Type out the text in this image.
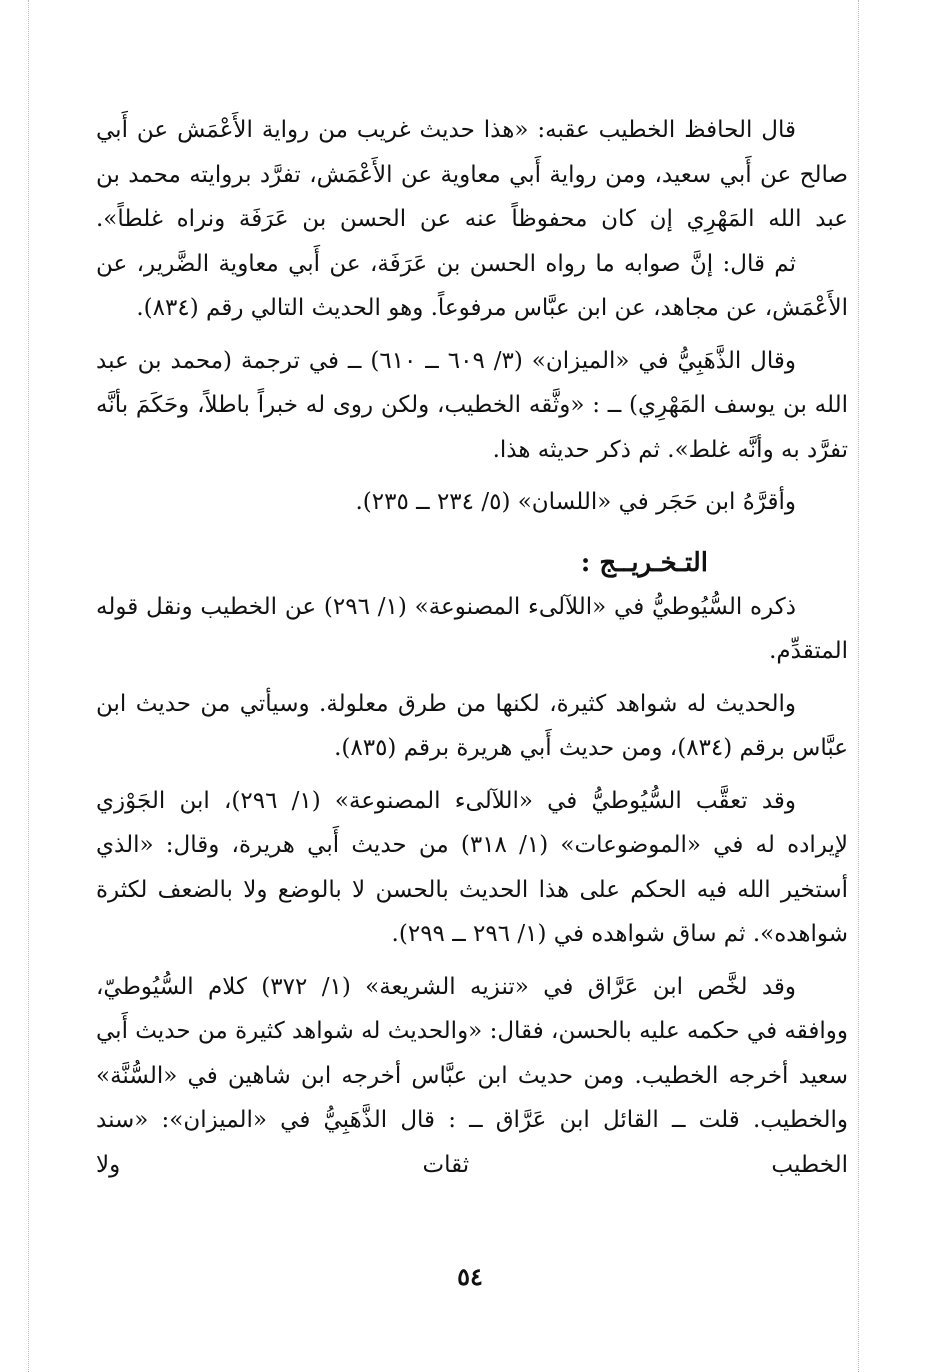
قال الحافظ الخطيب عقبه: «هذا حديث غريب من رواية الأَعْمَش عن أَبي صالح عن أَبي سعيد، ومن رواية أَبي معاوية عن الأَعْمَش، تفرَّد بروايته محمد بن عبد الله المَهْرِي إن كان محفوظاً عنه عن الحسن بن عَرَفَة ونراه غلطاً».

ثم قال: إنَّ صوابه ما رواه الحسن بن عَرَفَة، عن أَبي معاوية الضَّرير، عن الأَعْمَش، عن مجاهد، عن ابن عبَّاس مرفوعاً. وهو الحديث التالي رقم (٨٣٤).

وقال الذَّهَبِيُّ في «الميزان» (٣/ ٦٠٩ ــ ٦١٠) ــ في ترجمة (محمد بن عبد الله بن يوسف المَهْرِي) ــ : «وثَّقه الخطيب، ولكن روى له خبراً باطلاً، وحَكَمَ بأنَّه تفرَّد به وأنَّه غلط». ثم ذكر حديثه هذا.

وأقرَّهُ ابن حَجَر في «اللسان» (٥/ ٢٣٤ ــ ٢٣٥).

التـخـريــج :

ذكره السُّيُوطيُّ في «اللآلىء المصنوعة» (١/ ٢٩٦) عن الخطيب ونقل قوله المتقدِّم.

والحديث له شواهد كثيرة، لكنها من طرق معلولة. وسيأتي من حديث ابن عبَّاس برقم (٨٣٤)، ومن حديث أَبي هريرة برقم (٨٣٥).

وقد تعقَّب السُّيُوطيُّ في «اللآلىء المصنوعة» (١/ ٢٩٦)، ابن الجَوْزي لإيراده له في «الموضوعات» (١/ ٣١٨) من حديث أَبي هريرة، وقال: «الذي أستخير الله فيه الحكم على هذا الحديث بالحسن لا بالوضع ولا بالضعف لكثرة شواهده». ثم ساق شواهده في (١/ ٢٩٦ ــ ٢٩٩).

وقد لخَّص ابن عَرَّاق في «تنزيه الشريعة» (١/ ٣٧٢) كلام السُّيُوطيّ، ووافقه في حكمه عليه بالحسن، فقال: «والحديث له شواهد كثيرة من حديث أَبي سعيد أخرجه الخطيب. ومن حديث ابن عبَّاس أخرجه ابن شاهين في «السُّنَّة» والخطيب. قلت ــ القائل ابن عَرَّاق ــ : قال الذَّهَبِيُّ في «الميزان»: «سند الخطيب ثقات ولا

٥٤
